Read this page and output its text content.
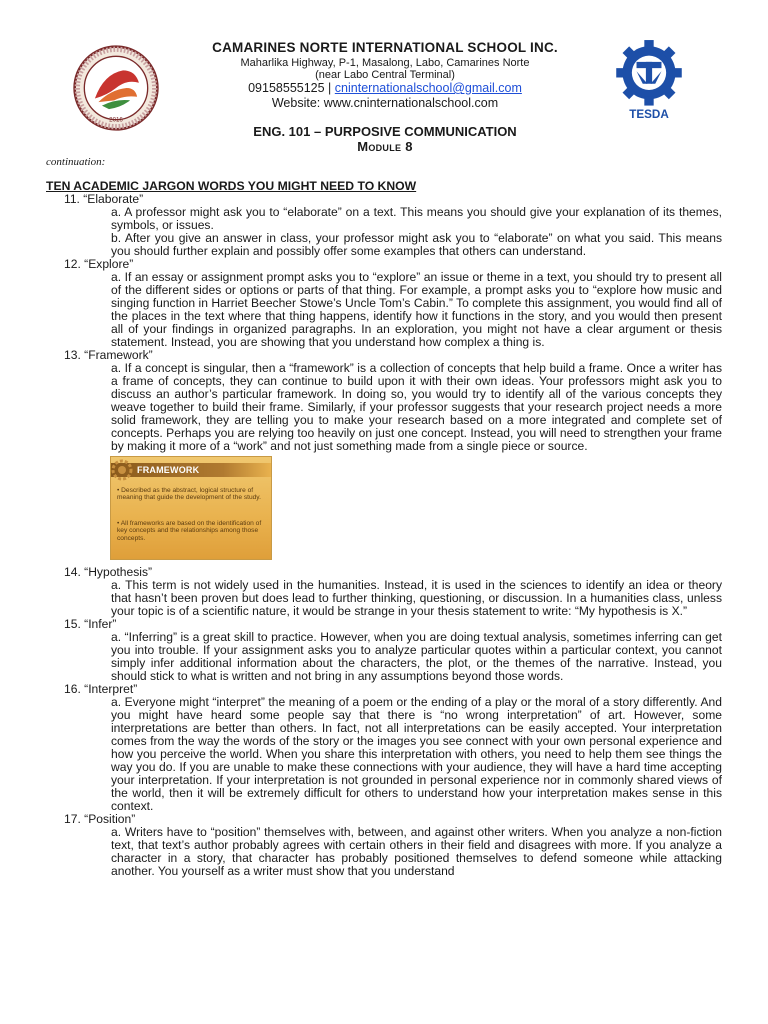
2016	TESDA
CAMARINES NORTE INTERNATIONAL SCHOOL INC.
Maharlika Highway, P-1, Masalong, Labo, Camarines Norte
(near Labo Central Terminal)
09158555125 | cninternationalschool@gmail.com
Website: www.cninternationalschool.com
ENG. 101 – PURPOSIVE COMMUNICATION
Module 8
continuation:
TEN ACADEMIC JARGON WORDS YOU MIGHT NEED TO KNOW
11. “Elaborate”
a. A professor might ask you to “elaborate” on a text. This means you should give your explanation of its themes, symbols, or issues.
b. After you give an answer in class, your professor might ask you to “elaborate” on what you said. This means you should further explain and possibly offer some examples that others can understand.
12. “Explore”
a. If an essay or assignment prompt asks you to “explore” an issue or theme in a text, you should try to present all of the different sides or options or parts of that thing. For example, a prompt asks you to “explore how music and singing function in Harriet Beecher Stowe’s Uncle Tom’s Cabin.” To complete this assignment, you would find all of the places in the text where that thing happens, identify how it functions in the story, and you would then present all of your findings in organized paragraphs. In an exploration, you might not have a clear argument or thesis statement. Instead, you are showing that you understand how complex a thing is.
13. “Framework”
a. If a concept is singular, then a “framework” is a collection of concepts that help build a frame. Once a writer has a frame of concepts, they can continue to build upon it with their own ideas. Your professors might ask you to discuss an author’s particular framework. In doing so, you would try to identify all of the various concepts they weave together to build their frame. Similarly, if your professor suggests that your research project needs a more solid framework, they are telling you to make your research based on a more integrated and complete set of concepts. Perhaps you are relying too heavily on just one concept. Instead, you will need to strengthen your frame by making it more of a “work” and not just something made from a single piece or source.
FRAMEWORK
• Described as the abstract, logical structure of meaning that guide the development of the study.
• All frameworks are based on the identification of key concepts and the relationships among those concepts.
14. “Hypothesis”
a. This term is not widely used in the humanities. Instead, it is used in the sciences to identify an idea or theory that hasn’t been proven but does lead to further thinking, questioning, or discussion. In a humanities class, unless your topic is of a scientific nature, it would be strange in your thesis statement to write: “My hypothesis is X.”
15. “Infer”
a. “Inferring” is a great skill to practice. However, when you are doing textual analysis, sometimes inferring can get you into trouble. If your assignment asks you to analyze particular quotes within a particular context, you cannot simply infer additional information about the characters, the plot, or the themes of the narrative. Instead, you should stick to what is written and not bring in any assumptions beyond those words.
16. “Interpret”
a. Everyone might “interpret” the meaning of a poem or the ending of a play or the moral of a story differently. And you might have heard some people say that there is “no wrong interpretation” of art. However, some interpretations are better than others. In fact, not all interpretations can be easily accepted. Your interpretation comes from the way the words of the story or the images you see connect with your own personal experience and how you perceive the world. When you share this interpretation with others, you need to help them see things the way you do. If you are unable to make these connections with your audience, they will have a hard time accepting your interpretation. If your interpretation is not grounded in personal experience nor in commonly shared views of the world, then it will be extremely difficult for others to understand how your interpretation makes sense in this context.
17. “Position”
a. Writers have to “position” themselves with, between, and against other writers. When you analyze a non-fiction text, that text’s author probably agrees with certain others in their field and disagrees with more. If you analyze a character in a story, that character has probably positioned themselves to defend someone while attacking another. You yourself as a writer must show that you understand
